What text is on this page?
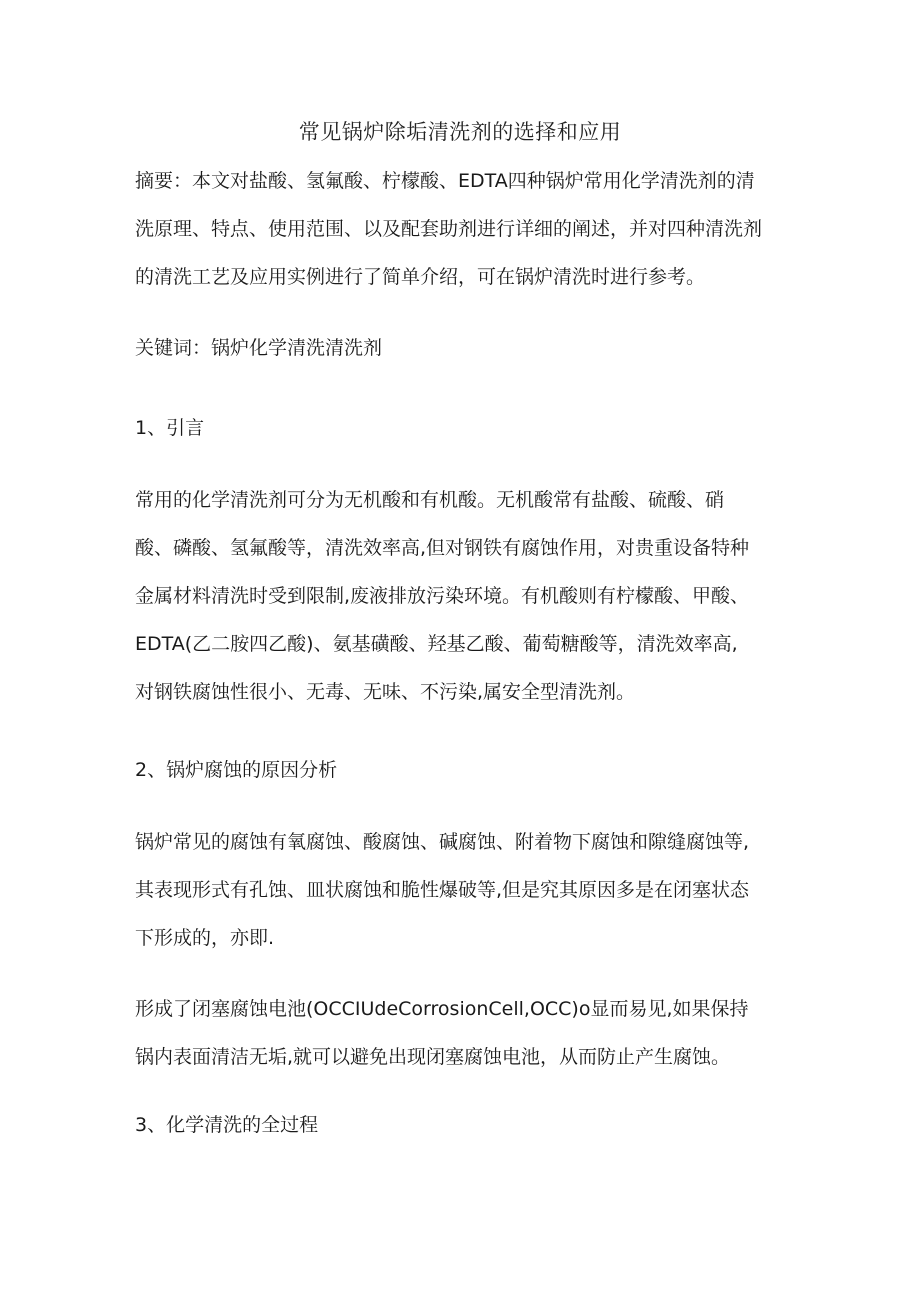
常见锅炉除垢清洗剂的选择和应用
摘要：本文对盐酸、氢氟酸、柠檬酸、EDTA四种锅炉常用化学清洗剂的清
洗原理、特点、使用范围、以及配套助剂进行详细的阐述，并对四种清洗剂
的清洗工艺及应用实例进行了简单介绍，可在锅炉清洗时进行参考。
关键词：锅炉化学清洗清洗剂
1、引言
常用的化学清洗剂可分为无机酸和有机酸。无机酸常有盐酸、硫酸、硝
酸、磷酸、氢氟酸等，清洗效率高,但对钢铁有腐蚀作用，对贵重设备特种
金属材料清洗时受到限制,废液排放污染环境。有机酸则有柠檬酸、甲酸、
EDTA(乙二胺四乙酸)、氨基磺酸、羟基乙酸、葡萄糖酸等，清洗效率高,
对钢铁腐蚀性很小、无毒、无味、不污染,属安全型清洗剂。
2、锅炉腐蚀的原因分析
锅炉常见的腐蚀有氧腐蚀、酸腐蚀、碱腐蚀、附着物下腐蚀和隙缝腐蚀等,
其表现形式有孔蚀、皿状腐蚀和脆性爆破等,但是究其原因多是在闭塞状态
下形成的，亦即.
形成了闭塞腐蚀电池(OCCIUdeCorrosionCell,OCC)o显而易见,如果保持
锅内表面清洁无垢,就可以避免出现闭塞腐蚀电池，从而防止产生腐蚀。
3、化学清洗的全过程
